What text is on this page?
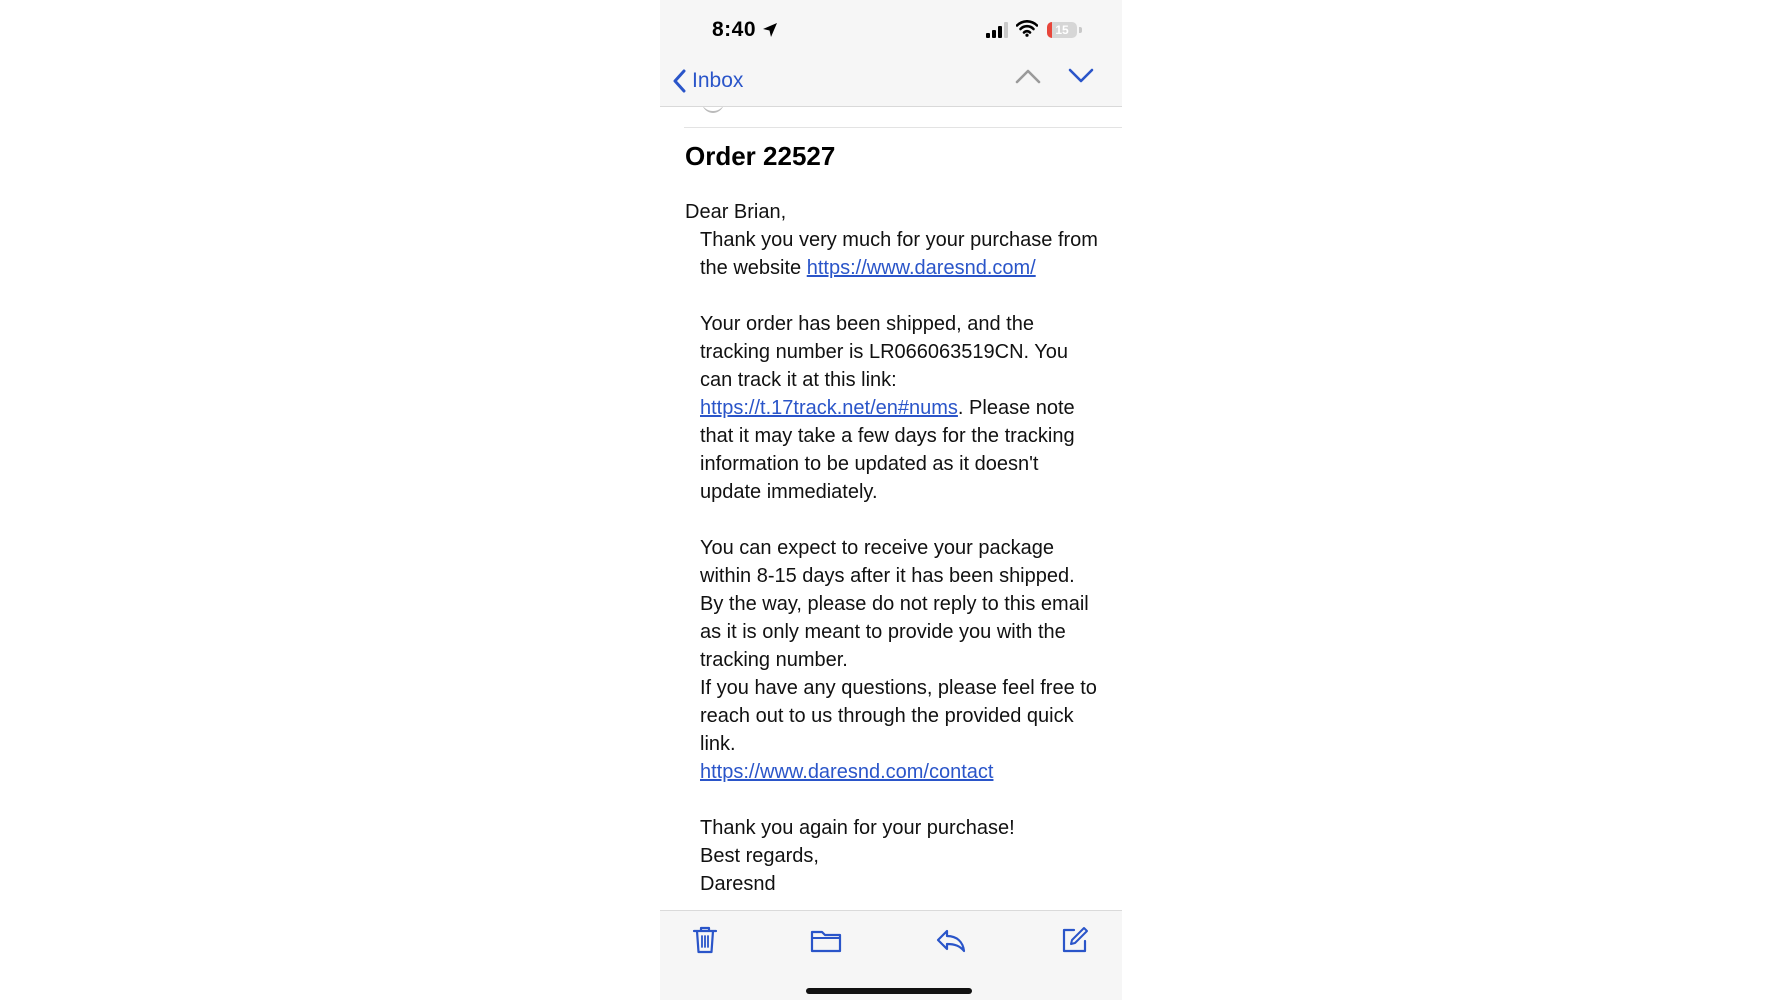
8:40	15
Inbox
Order 22527

Dear Brian,

Thank you very much for your purchase from the website https://www.daresnd.com/

Your order has been shipped, and the tracking number is LR066063519CN. You can track it at this link: https://t.17track.net/en#nums. Please note that it may take a few days for the tracking information to be updated as it doesn't update immediately.

You can expect to receive your package within 8-15 days after it has been shipped.

By the way, please do not reply to this email as it is only meant to provide you with the tracking number.

If you have any questions, please feel free to reach out to us through the provided quick link.

https://www.daresnd.com/contact

Thank you again for your purchase!

Best regards,

Daresnd
